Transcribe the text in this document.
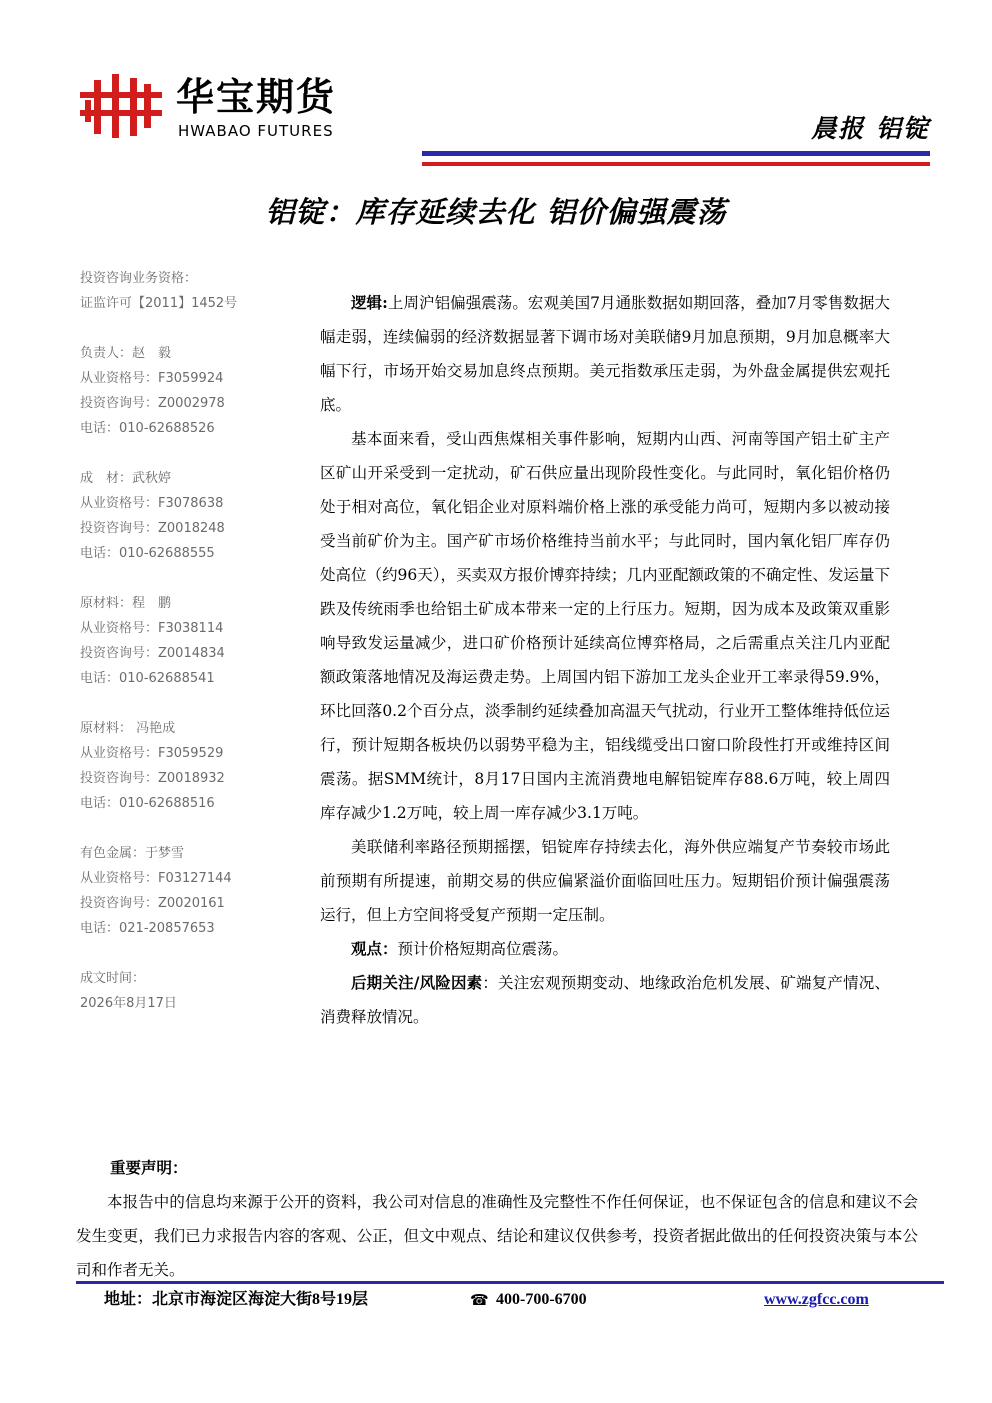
华宝期货
HWABAO FUTURES	晨报 铝锭
铝锭：库存延续去化 铝价偏强震荡
投资咨询业务资格：
证监许可【2011】1452号
负责人：赵　毅
从业资格号：F3059924
投资咨询号：Z0002978
电话：010-62688526
成　材：武秋婷
从业资格号：F3078638
投资咨询号：Z0018248
电话：010-62688555
原材料：程　鹏
从业资格号：F3038114
投资咨询号：Z0014834
电话：010-62688541
原材料： 冯艳成
从业资格号：F3059529
投资咨询号：Z0018932
电话：010-62688516
有色金属：于梦雪
从业资格号：F03127144
投资咨询号：Z0020161
电话：021-20857653
成文时间：
2026年8月17日

逻辑:上周沪铝偏强震荡。宏观美国7月通胀数据如期回落，叠加7月零售数据大幅走弱，连续偏弱的经济数据显著下调市场对美联储9月加息预期，9月加息概率大幅下行，市场开始交易加息终点预期。美元指数承压走弱，为外盘金属提供宏观托底。

基本面来看，受山西焦煤相关事件影响，短期内山西、河南等国产铝土矿主产区矿山开采受到一定扰动，矿石供应量出现阶段性变化。与此同时，氧化铝价格仍处于相对高位，氧化铝企业对原料端价格上涨的承受能力尚可，短期内多以被动接受当前矿价为主。国产矿市场价格维持当前水平；与此同时，国内氧化铝厂库存仍处高位（约96天），买卖双方报价博弈持续；几内亚配额政策的不确定性、发运量下跌及传统雨季也给铝土矿成本带来一定的上行压力。短期，因为成本及政策双重影响导致发运量减少，进口矿价格预计延续高位博弈格局，之后需重点关注几内亚配额政策落地情况及海运费走势。上周国内铝下游加工龙头企业开工率录得59.9%，环比回落0.2个百分点，淡季制约延续叠加高温天气扰动，行业开工整体维持低位运行，预计短期各板块仍以弱势平稳为主，铝线缆受出口窗口阶段性打开或维持区间震荡。据SMM统计，8月17日国内主流消费地电解铝锭库存88.6万吨，较上周四库存减少1.2万吨，较上周一库存减少3.1万吨。

美联储利率路径预期摇摆，铝锭库存持续去化，海外供应端复产节奏较市场此前预期有所提速，前期交易的供应偏紧溢价面临回吐压力。短期铝价预计偏强震荡运行，但上方空间将受复产预期一定压制。

观点：预计价格短期高位震荡。

后期关注/风险因素：关注宏观预期变动、地缘政治危机发展、矿端复产情况、消费释放情况。

重要声明：
本报告中的信息均来源于公开的资料，我公司对信息的准确性及完整性不作任何保证，也不保证包含的信息和建议不会发生变更，我们已力求报告内容的客观、公正，但文中观点、结论和建议仅供参考，投资者据此做出的任何投资决策与本公司和作者无关。
地址：北京市海淀区海淀大街8号19层	☎ 400-700-6700	www.zgfcc.com
